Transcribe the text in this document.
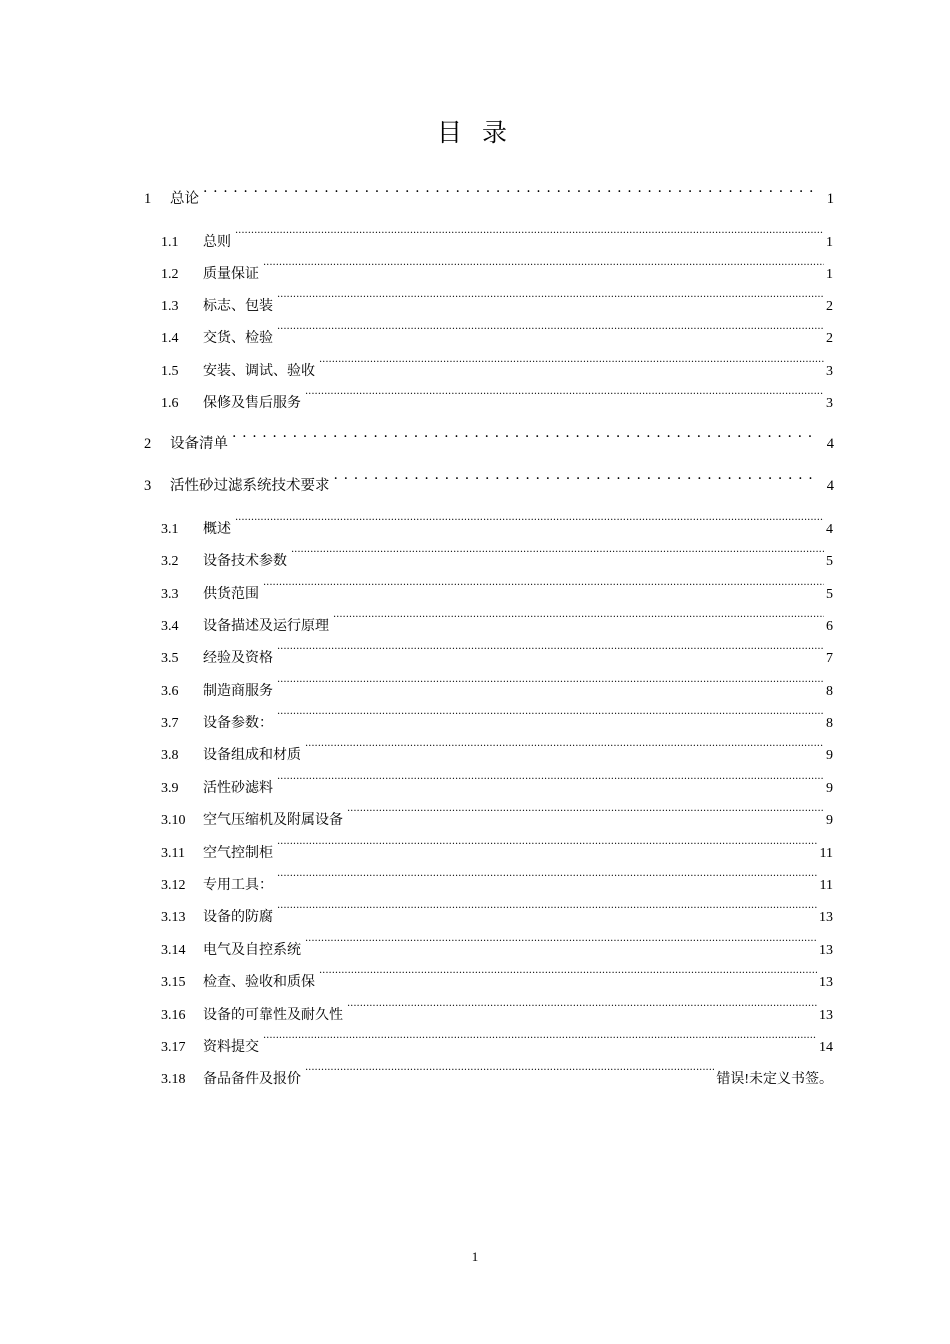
目 录
1	总论 . . .	1
1.1	总则 .....	1
1.2	质量保证 .....	1
1.3	标志、包装 .....	2
1.4	交货、检验 .....	2
1.5	安装、调试、验收 .....	3
1.6	保修及售后服务 .....	3
2	设备清单 . . .	4
3	活性砂过滤系统技术要求 . . .	4
3.1	概述 .....	4
3.2	设备技术参数 .....	5
3.3	供货范围 .....	5
3.4	设备描述及运行原理 .....	6
3.5	经验及资格 .....	7
3.6	制造商服务 .....	8
3.7	设备参数： .....	8
3.8	设备组成和材质 .....	9
3.9	活性砂滤料 .....	9
3.10	空气压缩机及附属设备 .....	9
3.11	空气控制柜 .....	11
3.12	专用工具： .....	11
3.13	设备的防腐 .....	13
3.14	电气及自控系统 .....	13
3.15	检查、验收和质保 .....	13
3.16	设备的可靠性及耐久性 .....	13
3.17	资料提交 .....	14
3.18	备品备件及报价 .....	错误!未定义书签。
1
